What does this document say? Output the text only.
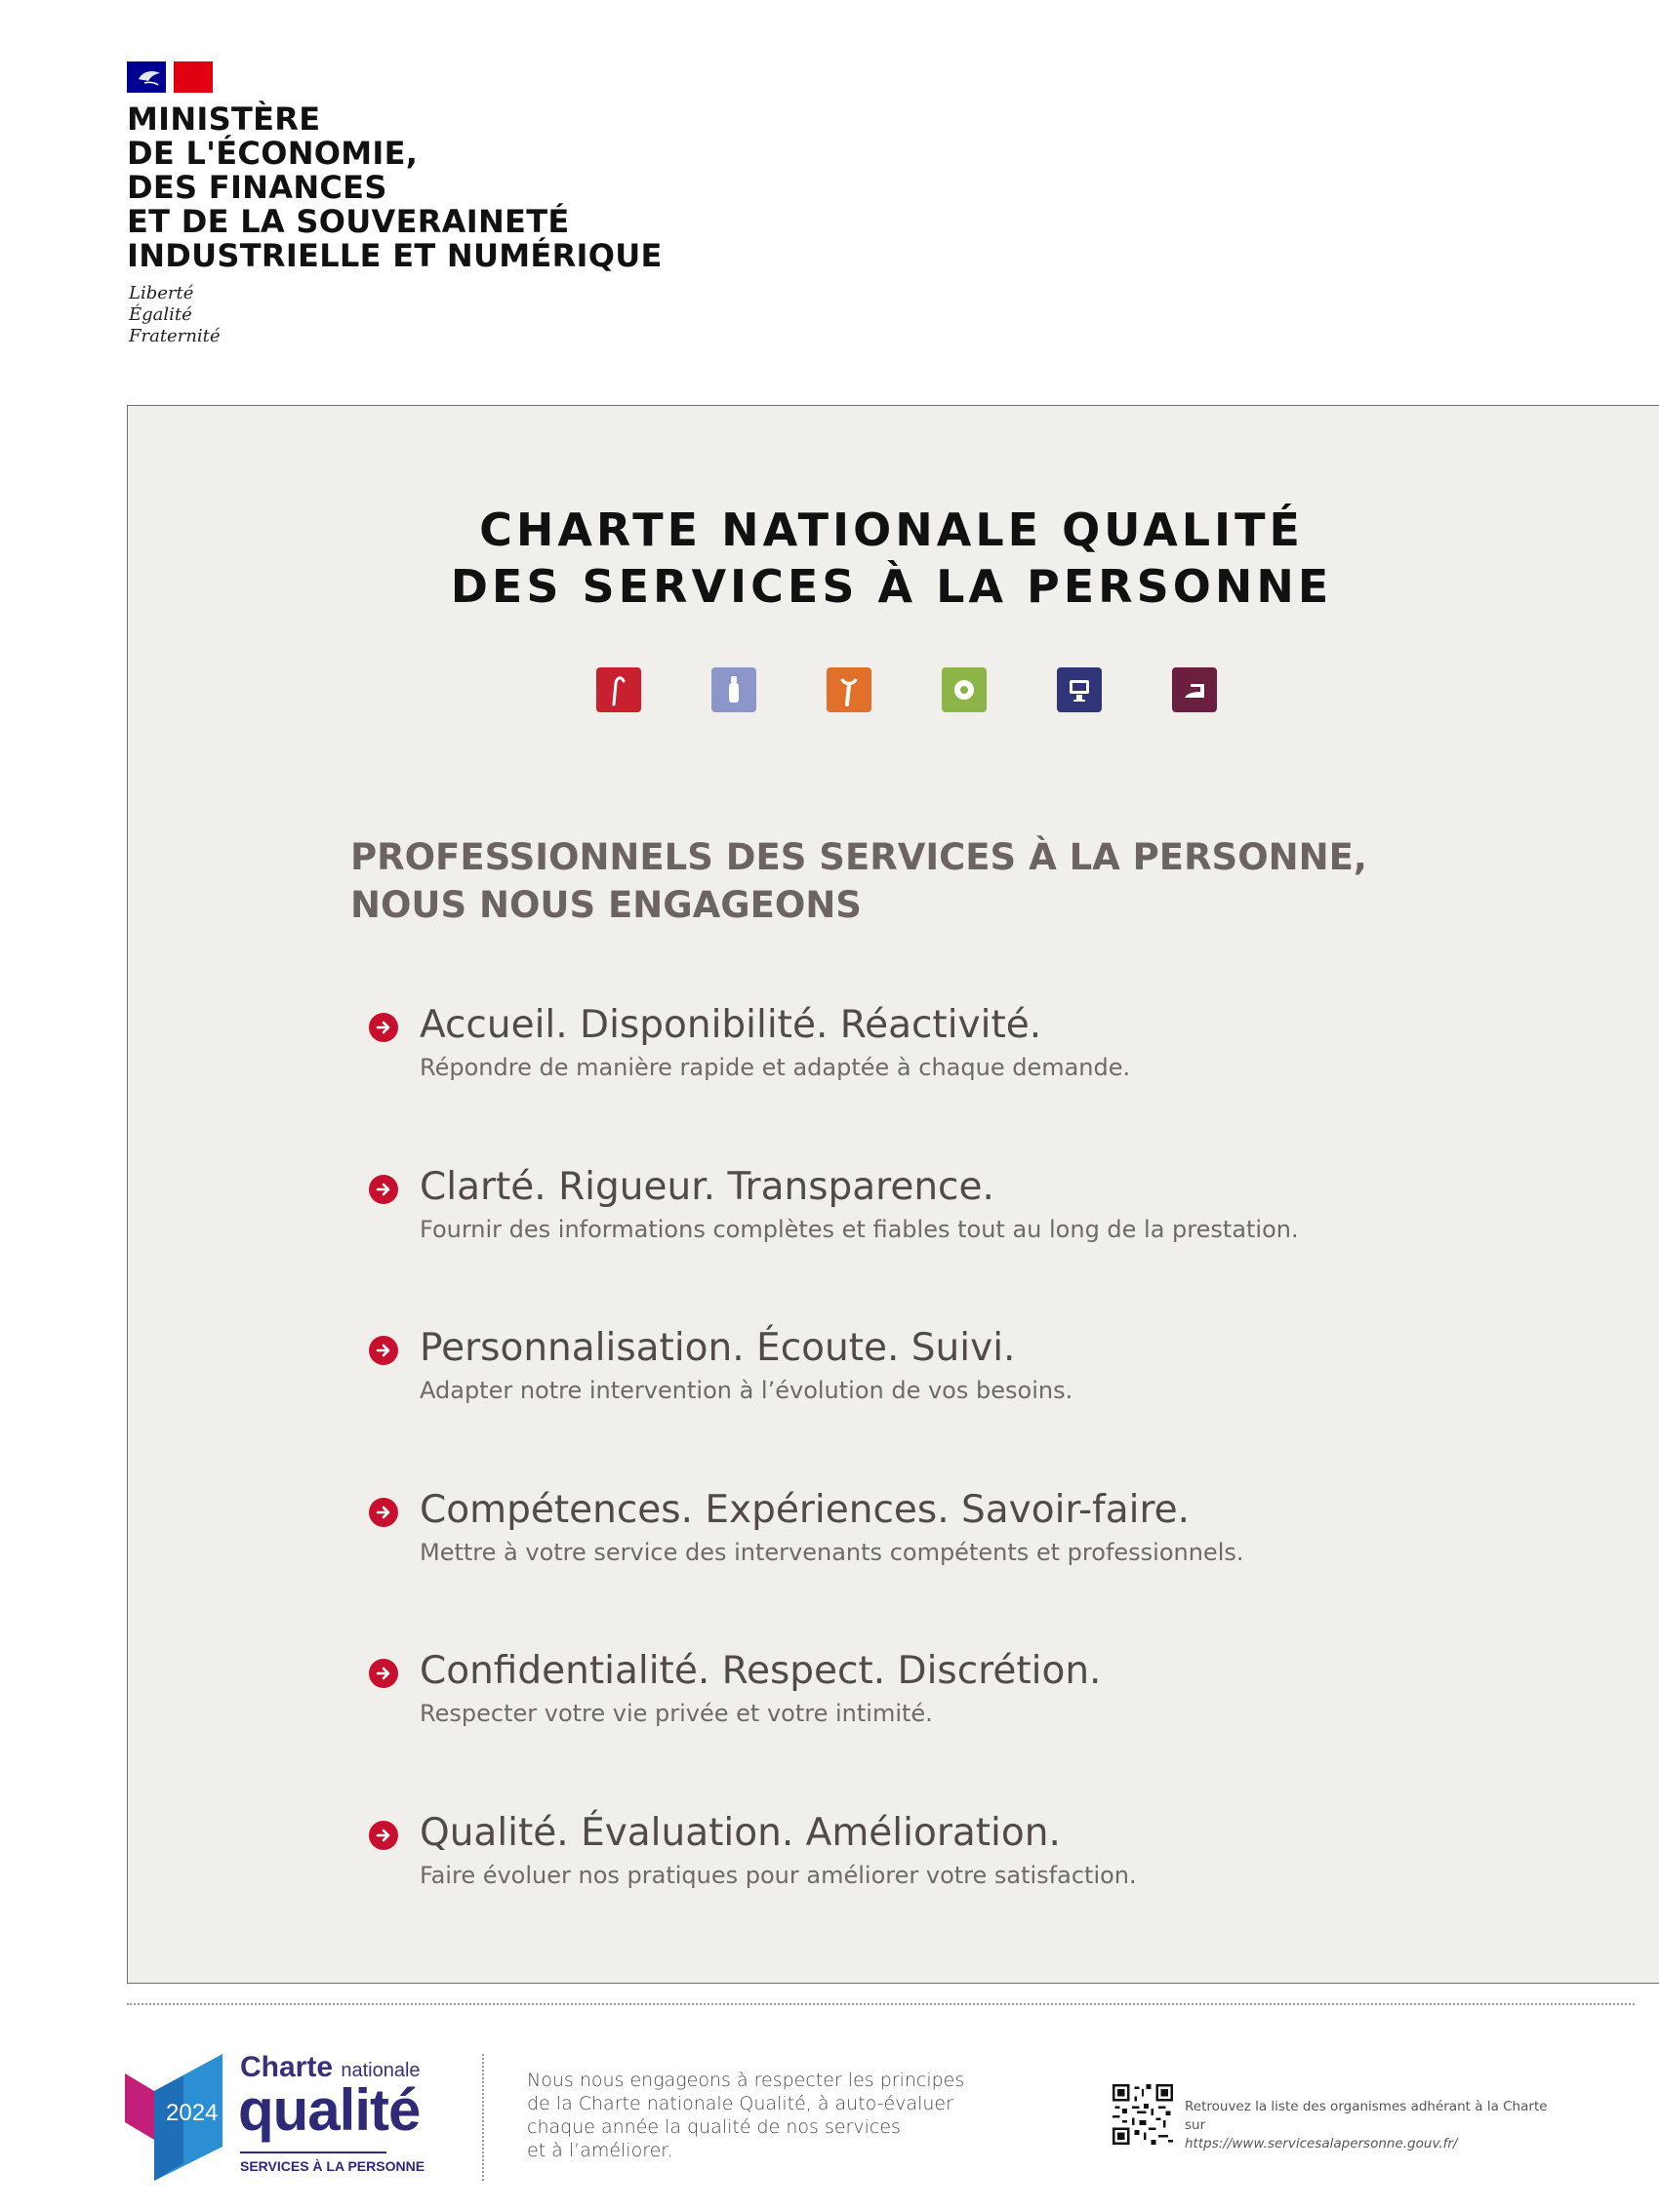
MINISTÈRE
DE L'ÉCONOMIE,
DES FINANCES
ET DE LA SOUVERAINETÉ
INDUSTRIELLE ET NUMÉRIQUE
Liberté
Égalité
Fraternité
CHARTE NATIONALE QUALITÉ
DES SERVICES À LA PERSONNE
PROFESSIONNELS DES SERVICES À LA PERSONNE,
NOUS NOUS ENGAGEONS
Accueil. Disponibilité. Réactivité.
Répondre de manière rapide et adaptée à chaque demande.
Clarté. Rigueur. Transparence.
Fournir des informations complètes et fiables tout au long de la prestation.
Personnalisation. Écoute. Suivi.
Adapter notre intervention à l’évolution de vos besoins.
Compétences. Expériences. Savoir-faire.
Mettre à votre service des intervenants compétents et professionnels.
Confidentialité. Respect. Discrétion.
Respecter votre vie privée et votre intimité.
Qualité. Évaluation. Amélioration.
Faire évoluer nos pratiques pour améliorer votre satisfaction.
2024
Charte nationale
qualité
SERVICES À LA PERSONNE
Nous nous engageons à respecter les principes
de la Charte nationale Qualité, à auto-évaluer
chaque année la qualité de nos services
et à l’améliorer.
Retrouvez la liste des organismes adhérant à la Charte
sur
https://www.servicesalapersonne.gouv.fr/
